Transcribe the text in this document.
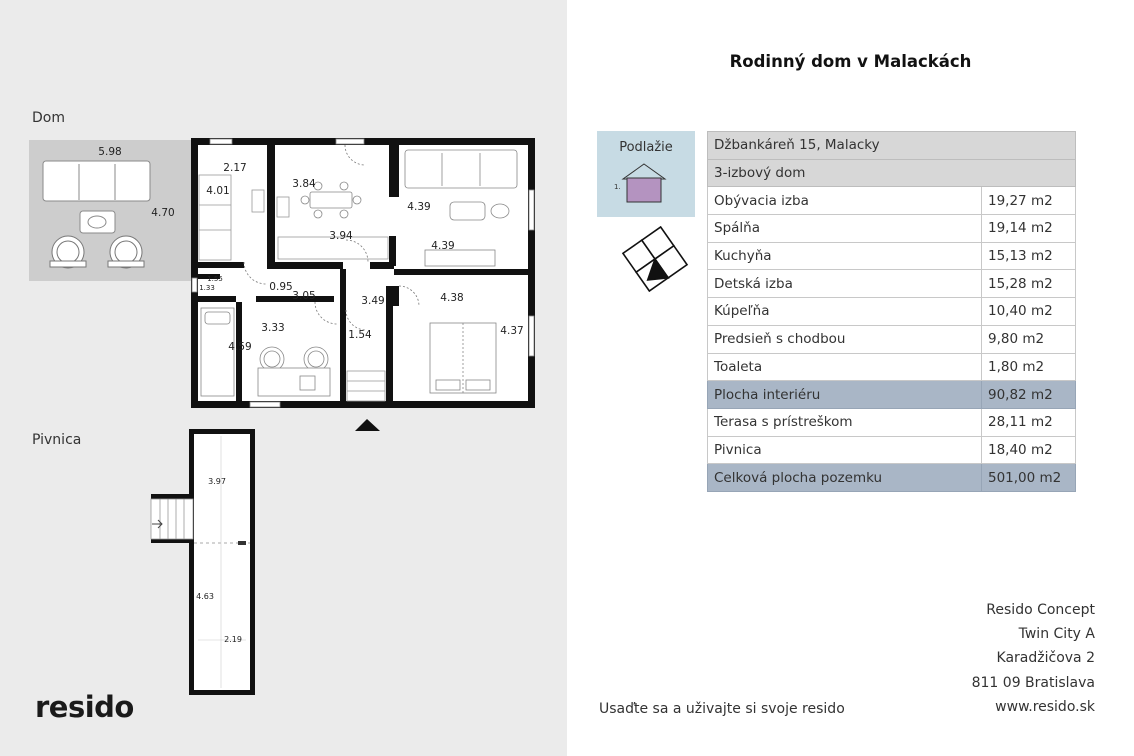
Dom
Pivnica
5.98
4.70
2.17
4.01
3.84
4.39
4.39
3.94
1.55
1.33	0.95
3.05	3.49
1.54
3.33
4.59
4.38
4.37
3.97
4.63
2.19
resido
Rodinný dom v Malackách
Podlažie
1.
Džbankáreň 15, Malacky	
3-izbový dom	
Obývacia izba	19,27 m2
Spálňa	19,14 m2
Kuchyňa	15,13 m2
Detská izba	15,28 m2
Kúpeľňa	10,40 m2
Predsieň s chodbou	9,80 m2
Toaleta	1,80 m2
Plocha interiéru	90,82 m2
Terasa s prístreškom	28,11 m2
Pivnica	18,40 m2
Celková plocha pozemku	501,00 m2
Resido Concept
Twin City A
Karadžičova 2
811 09 Bratislava
www.resido.sk
Usaďte sa a uživajte si svoje resido
